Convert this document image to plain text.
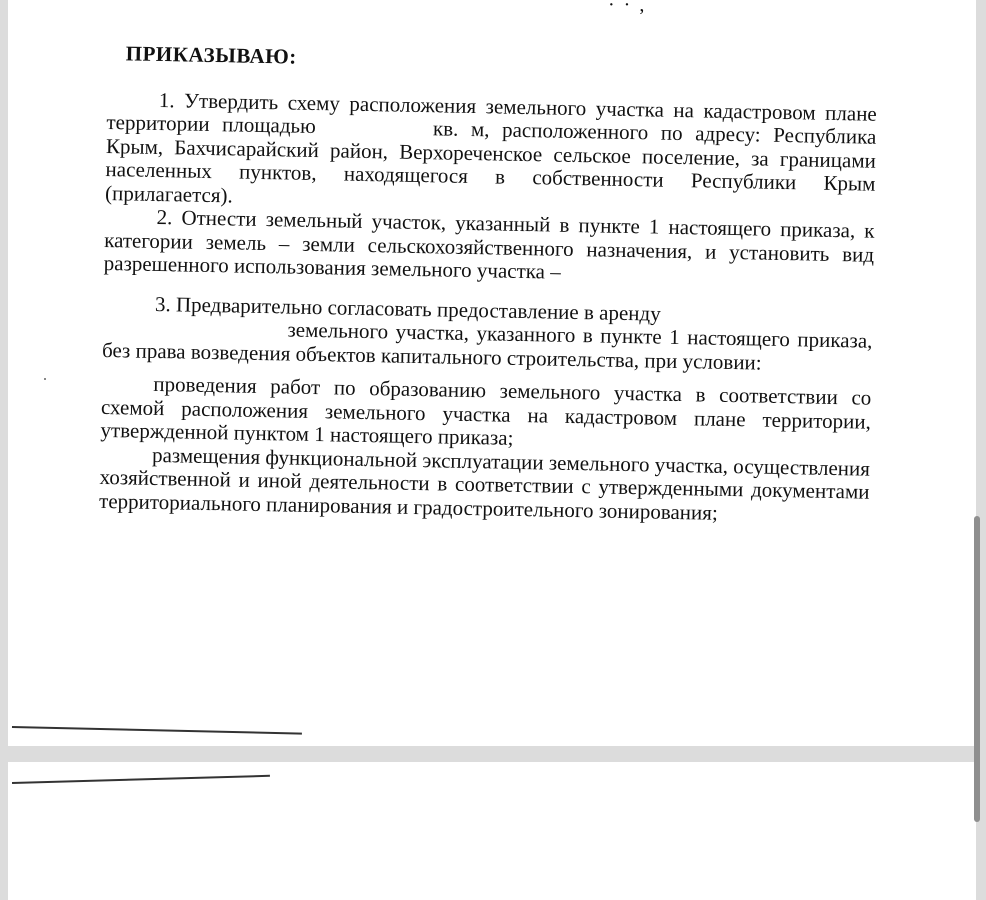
· · ,
ПРИКАЗЫВАЮ:

1. Утвердить схему расположения земельного участка на кадастровом плане территории площадью	кв. м, расположенного по адресу: Республика Крым, Бахчисарайский район, Верхореченское сельское поселение, за границами населенных пунктов, находящегося в собственности Республики Крым (прилагается).

2. Отнести земельный участок, указанный в пункте 1 настоящего приказа, к категории земель – земли сельскохозяйственного назначения, и установить вид разрешенного использования земельного участка –

3. Предварительно согласовать предоставление в аренду

земельного участка, указанного в пункте 1 настоящего приказа, без права возведения объектов капитального строительства, при условии:

проведения работ по образованию земельного участка в соответствии со схемой расположения земельного участка на кадастровом плане территории, утвержденной пунктом 1 настоящего приказа;

размещения функциональной эксплуатации земельного участка, осуществления хозяйственной и иной деятельности в соответствии с утвержденными документами территориального планирования и градостроительного зонирования;
